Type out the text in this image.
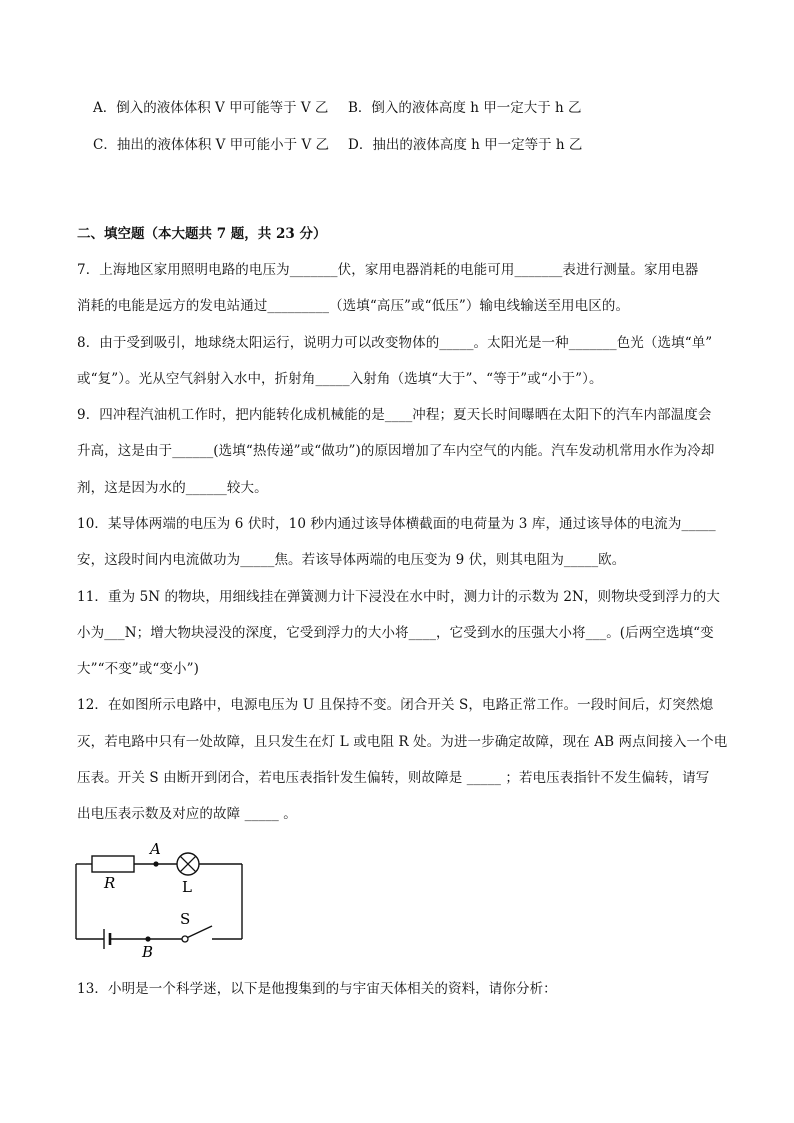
A．倒入的液体体积 V 甲可能等于 V 乙 B．倒入的液体高度 h 甲一定大于 h 乙
C．抽出的液体体积 V 甲可能小于 V 乙 D．抽出的液体高度 h 甲一定等于 h 乙
二、填空题（本大题共 7 题，共 23 分）
7．上海地区家用照明电路的电压为_______伏，家用电器消耗的电能可用_______表进行测量。家用电器
消耗的电能是远方的发电站通过_________（选填“高压”或“低压”）输电线输送至用电区的。
8．由于受到吸引，地球绕太阳运行，说明力可以改变物体的_____。太阳光是一种_______色光（选填“单”
或“复”）。光从空气斜射入水中，折射角_____入射角（选填“大于”、“等于”或“小于”）。
9．四冲程汽油机工作时，把内能转化成机械能的是____冲程；夏天长时间曝晒在太阳下的汽车内部温度会
升高，这是由于______(选填“热传递”或“做功”)的原因增加了车内空气的内能。汽车发动机常用水作为冷却
剂，这是因为水的______较大。
10．某导体两端的电压为 6 伏时，10 秒内通过该导体横截面的电荷量为 3 库，通过该导体的电流为_____
安，这段时间内电流做功为_____焦。若该导体两端的电压变为 9 伏，则其电阻为_____欧。
11．重为 5N 的物块，用细线挂在弹簧测力计下浸没在水中时，测力计的示数为 2N，则物块受到浮力的大
小为___N；增大物块浸没的深度，它受到浮力的大小将____，它受到水的压强大小将___。(后两空选填“变
大”“不变”或“变小”)
12．在如图所示电路中，电源电压为 U 且保持不变。闭合开关 S，电路正常工作。一段时间后，灯突然熄
灭，若电路中只有一处故障，且只发生在灯 L 或电阻 R 处。为进一步确定故障，现在 AB 两点间接入一个电
压表。开关 S 由断开到闭合，若电压表指针发生偏转，则故障是 _____ ；若电压表指针不发生偏转，请写
出电压表示数及对应的故障 _____ 。
A
R	L
S
B
13．小明是一个科学迷，以下是他搜集到的与宇宙天体相关的资料，请你分析：
